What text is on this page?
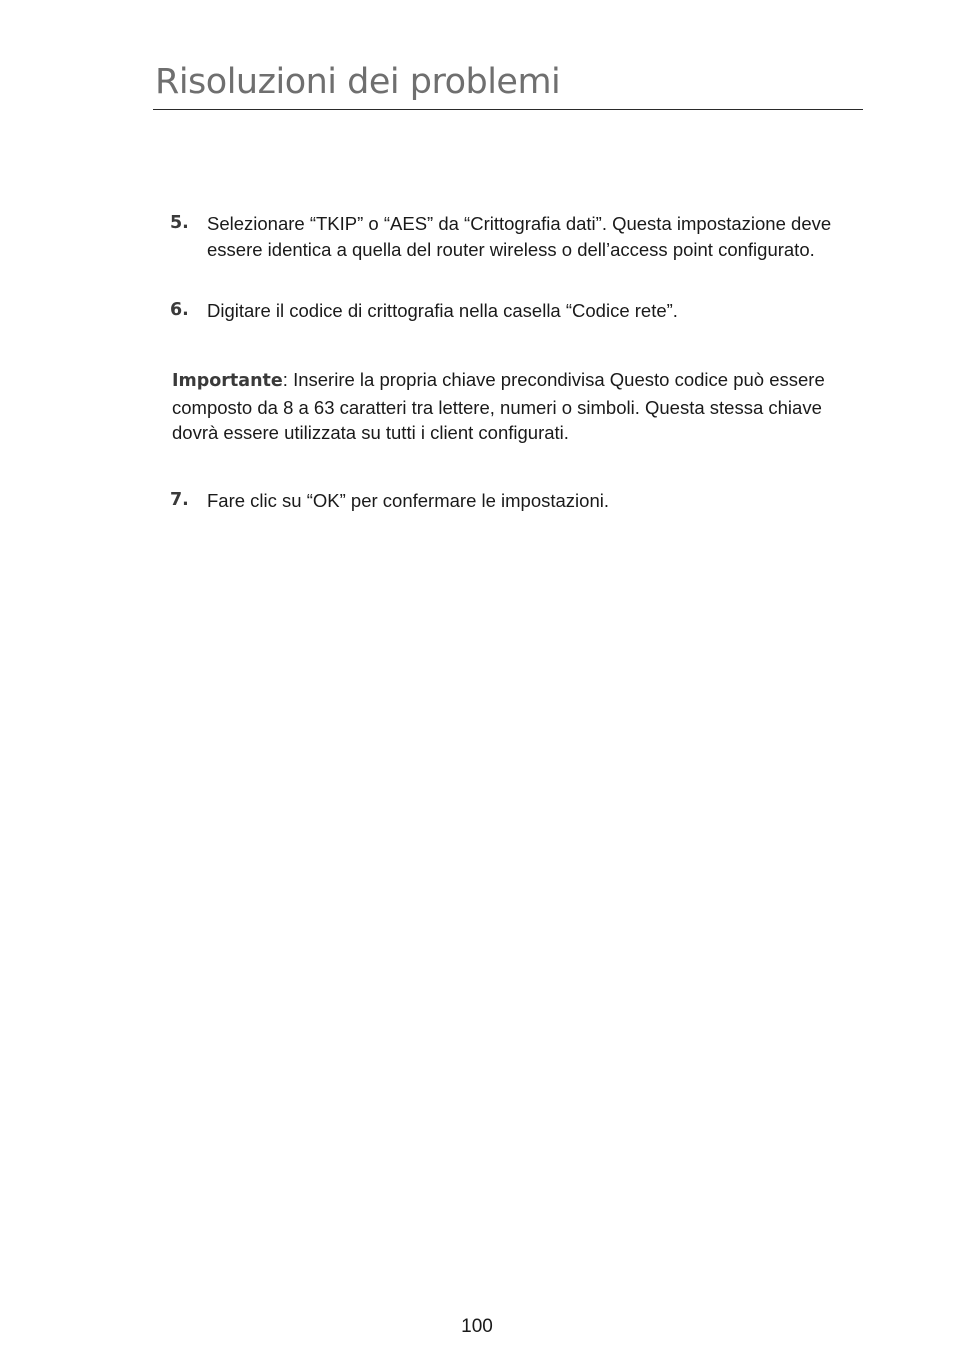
Risoluzioni dei problemi
5. Selezionare “TKIP” o “AES” da “Crittografia dati”. Questa impostazione deve essere identica a quella del router wireless o dell’access point configurato.
6. Digitare il codice di crittografia nella casella “Codice rete”.

Importante: Inserire la propria chiave precondivisa Questo codice può essere composto da 8 a 63 caratteri tra lettere, numeri o simboli. Questa stessa chiave dovrà essere utilizzata su tutti i client configurati.

7. Fare clic su “OK” per confermare le impostazioni.
100
